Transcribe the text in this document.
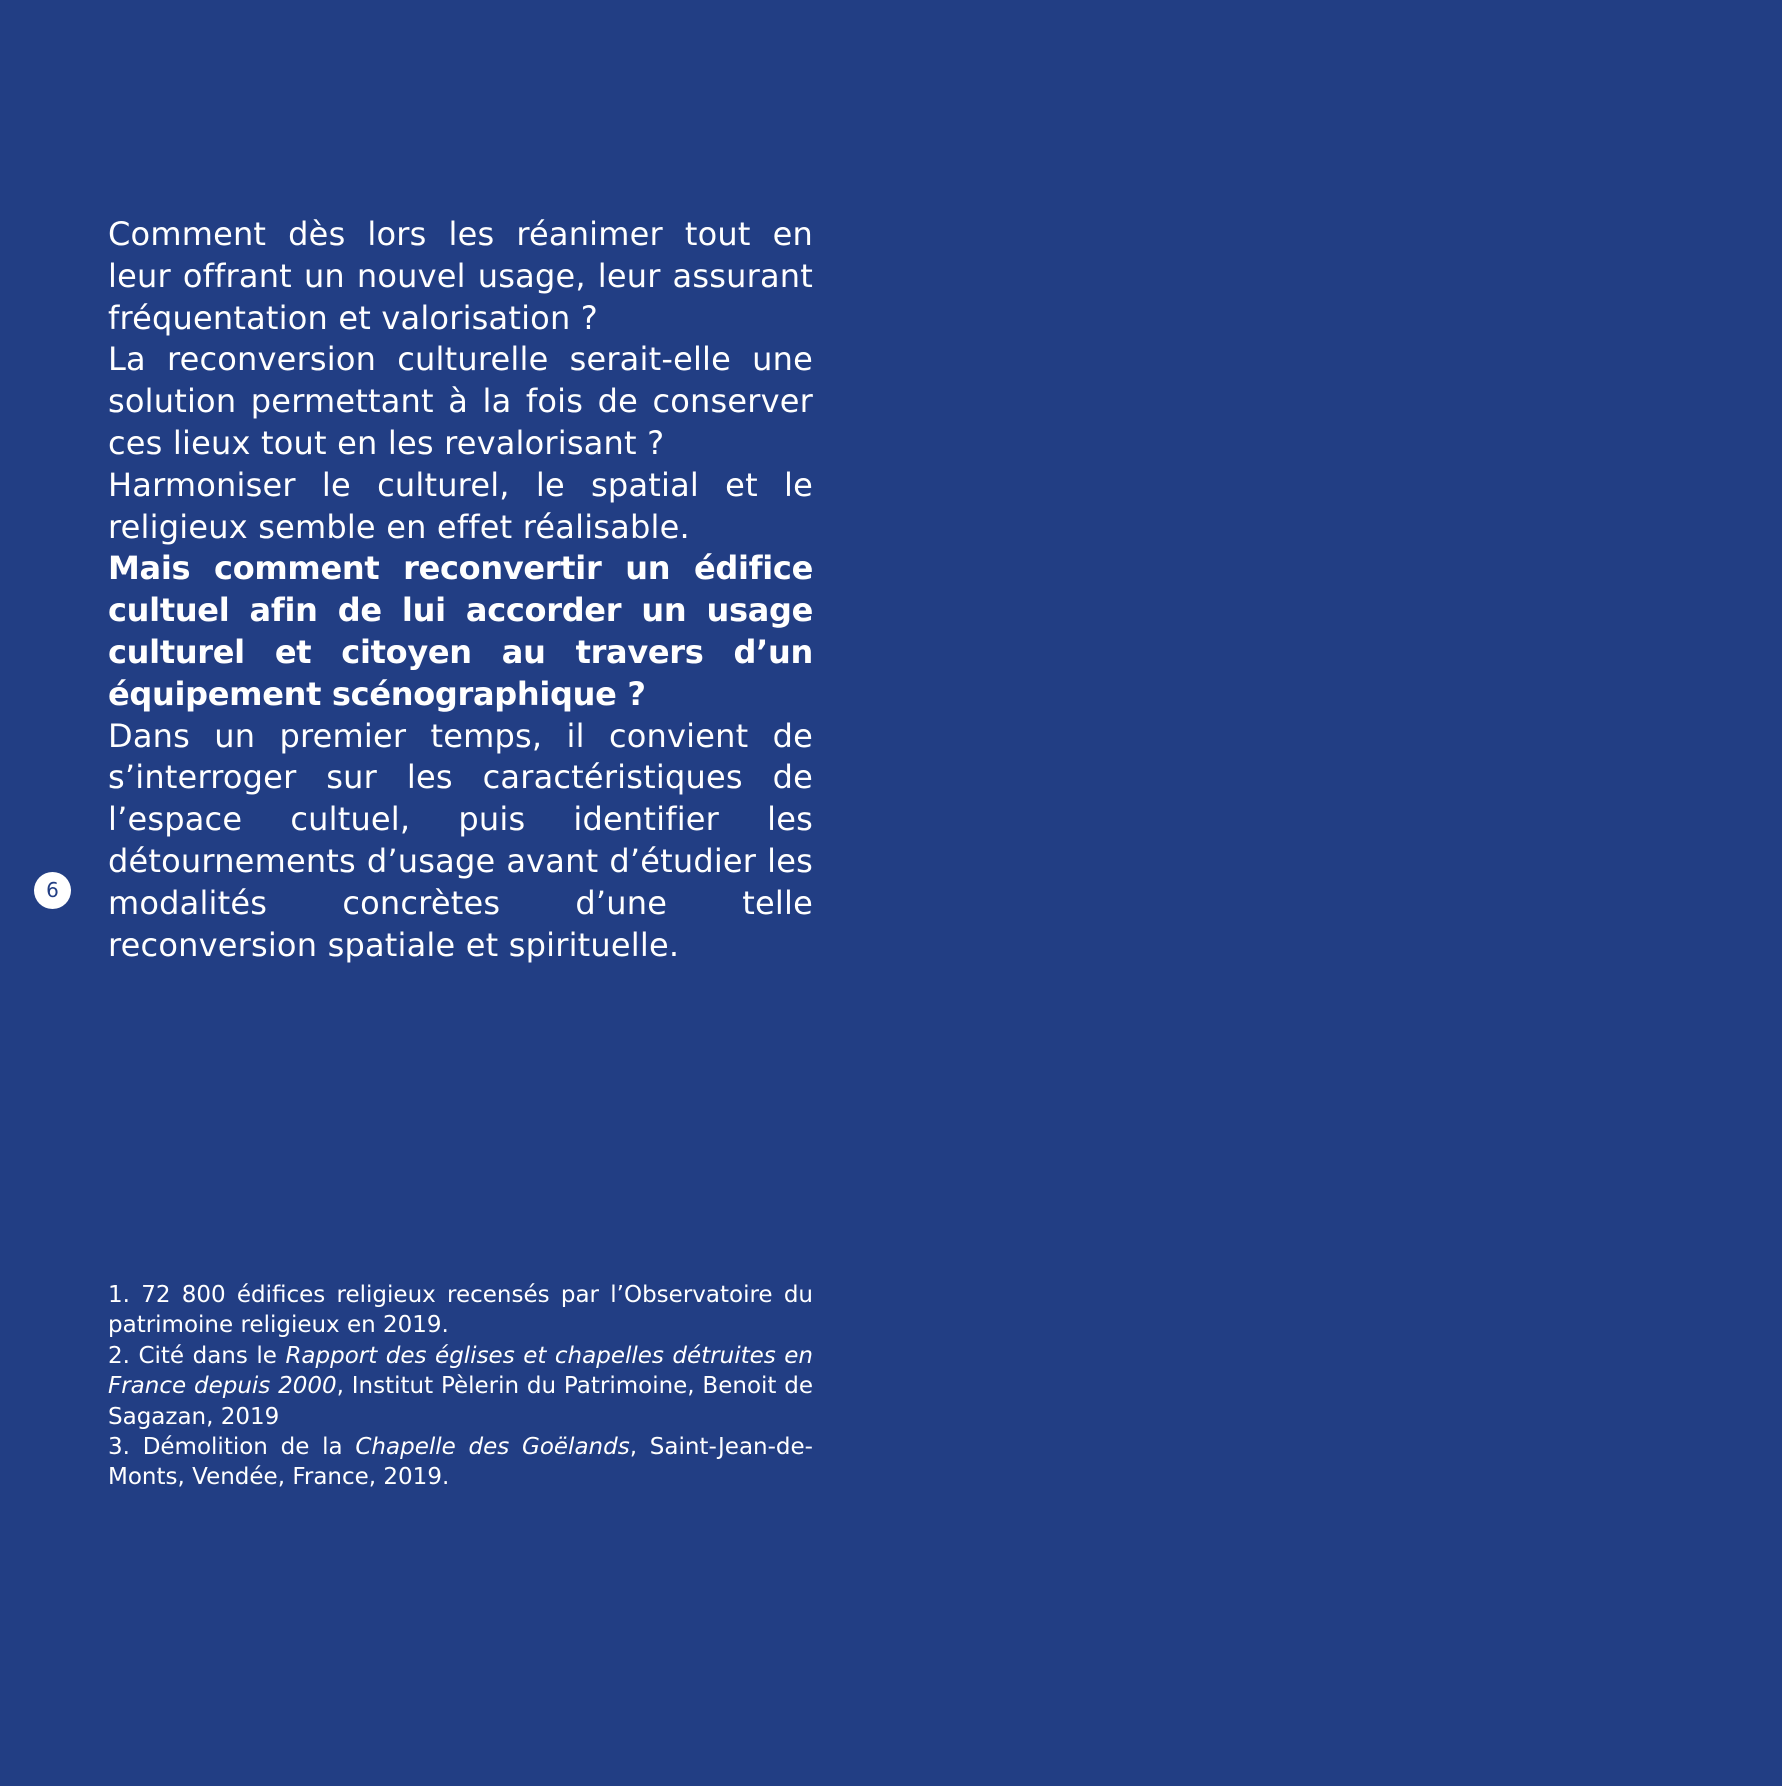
Comment dès lors les réanimer tout en leur offrant un nouvel usage, leur assurant fréquentation et valorisation ?

La reconversion culturelle serait-elle une solution permettant à la fois de conserver ces lieux tout en les revalorisant ?

Harmoniser le culturel, le spatial et le religieux semble en effet réalisable.

Mais comment reconvertir un édifice cultuel afin de lui accorder un usage culturel et citoyen au travers d’un équipement scénographique ?

Dans un premier temps, il convient de s’interroger sur les caractéristiques de l’espace cultuel, puis identifier les détournements d’usage avant d’étudier les modalités concrètes d’une telle reconversion spatiale et spirituelle.

6

1. 72 800 édifices religieux recensés par l’Observatoire du patrimoine religieux en 2019.

2. Cité dans le Rapport des églises et chapelles détruites en France depuis 2000, Institut Pèlerin du Patrimoine, Benoit de Sagazan, 2019

3. Démolition de la Chapelle des Goëlands, Saint-Jean-de-Monts, Vendée, France, 2019.
